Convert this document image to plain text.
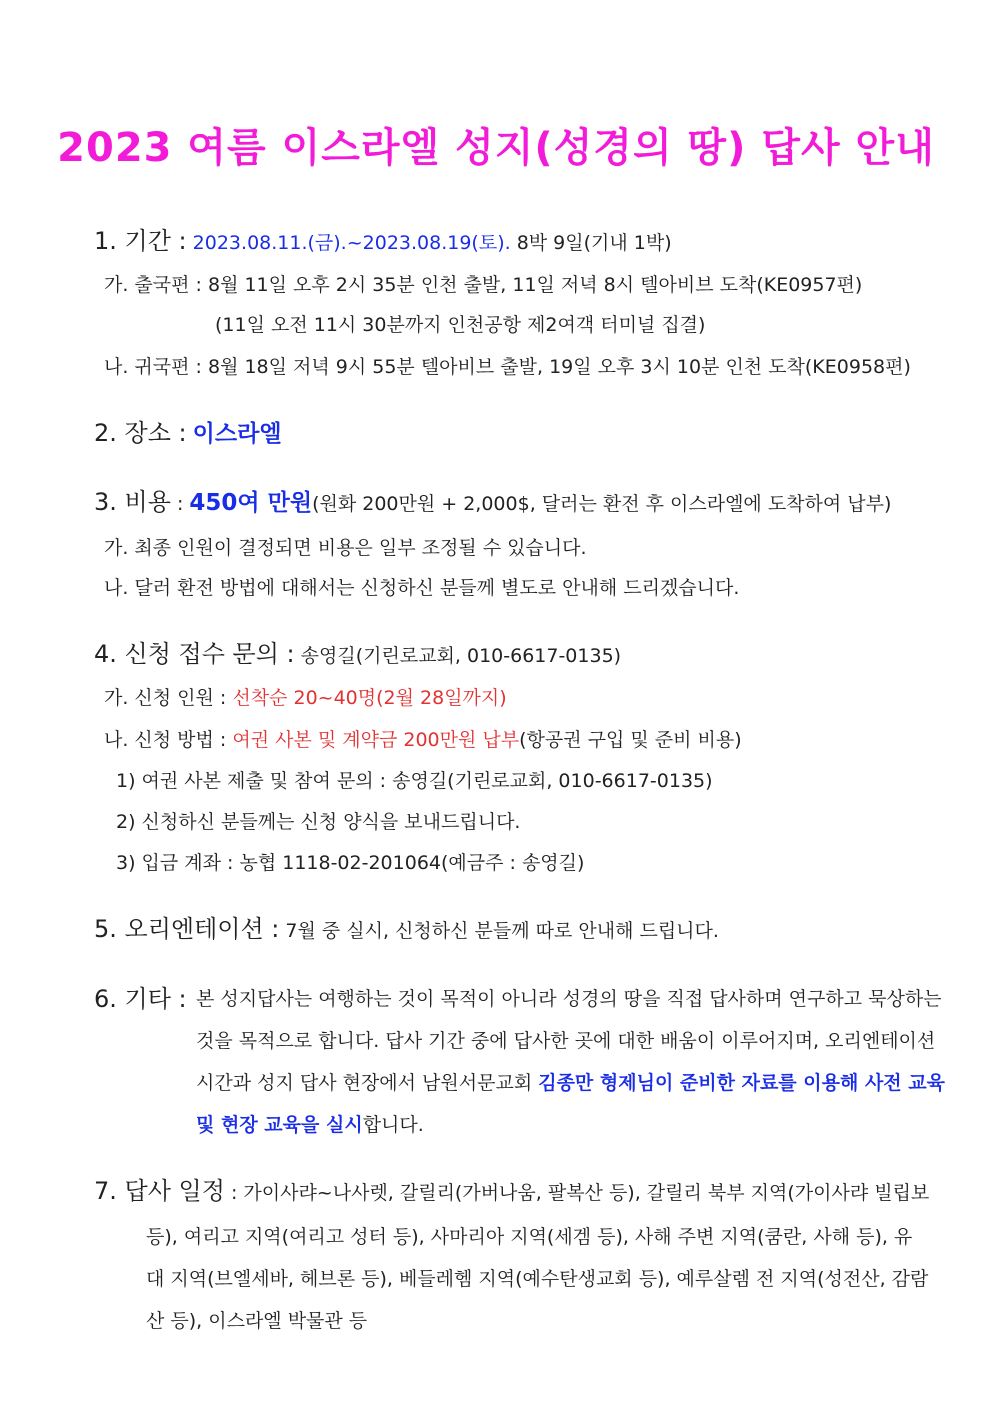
2023 여름 이스라엘 성지(성경의 땅) 답사 안내
1. 기간 : 2023.08.11.(금).~2023.08.19(토). 8박 9일(기내 1박)
가. 출국편 : 8월 11일 오후 2시 35분 인천 출발, 11일 저녁 8시 텔아비브 도착(KE0957편)
(11일 오전 11시 30분까지 인천공항 제2여객 터미널 집결)
나. 귀국편 : 8월 18일 저녁 9시 55분 텔아비브 출발, 19일 오후 3시 10분 인천 도착(KE0958편)
2. 장소 : 이스라엘
3. 비용 : 450여 만원(원화 200만원 + 2,000$, 달러는 환전 후 이스라엘에 도착하여 납부)
가. 최종 인원이 결정되면 비용은 일부 조정될 수 있습니다.
나. 달러 환전 방법에 대해서는 신청하신 분들께 별도로 안내해 드리겠습니다.
4. 신청 접수 문의 : 송영길(기린로교회, 010-6617-0135)
가. 신청 인원 : 선착순 20~40명(2월 28일까지)
나. 신청 방법 : 여권 사본 및 계약금 200만원 납부(항공권 구입 및 준비 비용)
1) 여권 사본 제출 및 참여 문의 : 송영길(기린로교회, 010-6617-0135)
2) 신청하신 분들께는 신청 양식을 보내드립니다.
3) 입금 계좌 : 농협 1118-02-201064(예금주 : 송영길)
5. 오리엔테이션 : 7월 중 실시, 신청하신 분들께 따로 안내해 드립니다.
6. 기타 : 본 성지답사는 여행하는 것이 목적이 아니라 성경의 땅을 직접 답사하며 연구하고 묵상하는
것을 목적으로 합니다. 답사 기간 중에 답사한 곳에 대한 배움이 이루어지며, 오리엔테이션
시간과 성지 답사 현장에서 남원서문교회 김종만 형제님이 준비한 자료를 이용해 사전 교육
및 현장 교육을 실시합니다.
7. 답사 일정 : 가이사랴~나사렛, 갈릴리(가버나움, 팔복산 등), 갈릴리 북부 지역(가이사랴 빌립보
등), 여리고 지역(여리고 성터 등), 사마리아 지역(세겜 등), 사해 주변 지역(쿰란, 사해 등), 유
대 지역(브엘세바, 헤브론 등), 베들레헴 지역(예수탄생교회 등), 예루살렘 전 지역(성전산, 감람
산 등), 이스라엘 박물관 등
